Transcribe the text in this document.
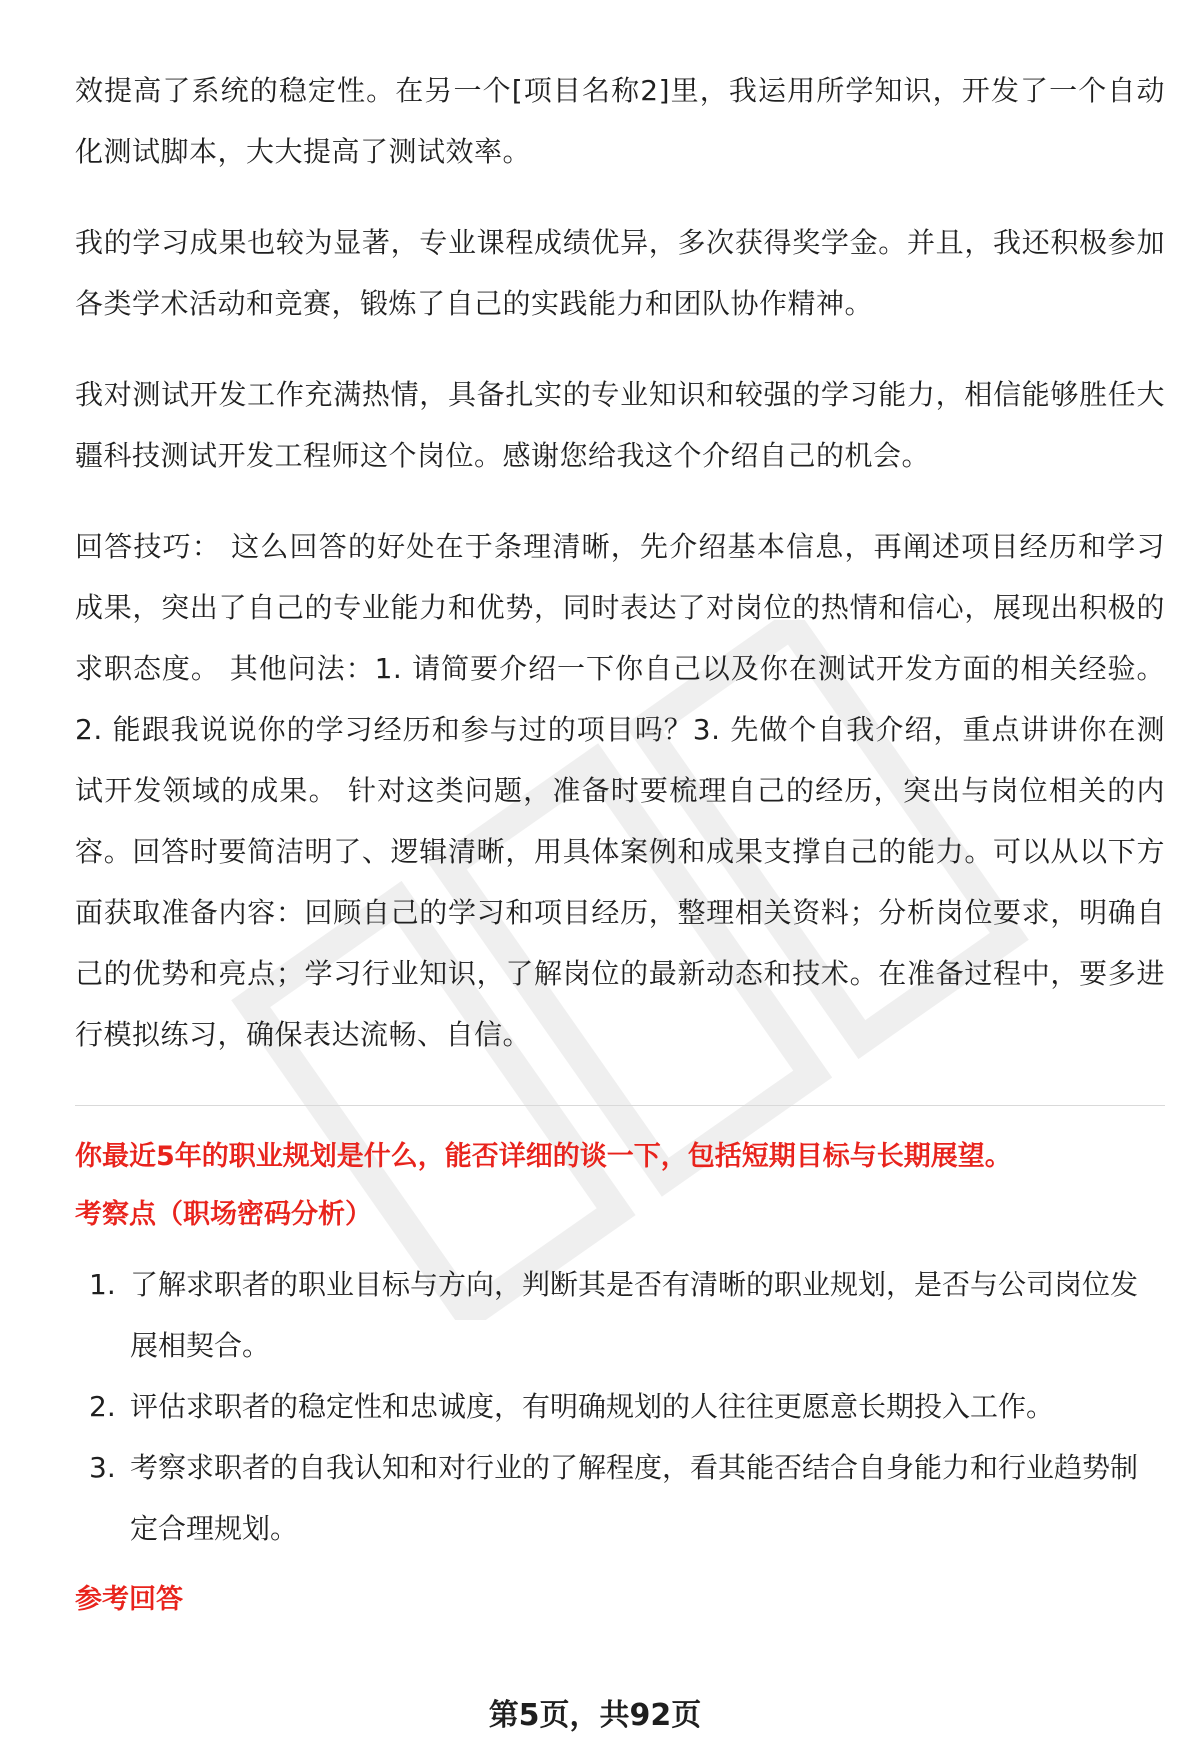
效提高了系统的稳定性。在另一个[项目名称2]里，我运用所学知识，开发了一个自动化测试脚本，大大提高了测试效率。

我的学习成果也较为显著，专业课程成绩优异，多次获得奖学金。并且，我还积极参加各类学术活动和竞赛，锻炼了自己的实践能力和团队协作精神。

我对测试开发工作充满热情，具备扎实的专业知识和较强的学习能力，相信能够胜任大疆科技测试开发工程师这个岗位。感谢您给我这个介绍自己的机会。

回答技巧： 这么回答的好处在于条理清晰，先介绍基本信息，再阐述项目经历和学习成果，突出了自己的专业能力和优势，同时表达了对岗位的热情和信心，展现出积极的求职态度。 其他问法：1. 请简要介绍一下你自己以及你在测试开发方面的相关经验。2. 能跟我说说你的学习经历和参与过的项目吗？3. 先做个自我介绍，重点讲讲你在测试开发领域的成果。 针对这类问题，准备时要梳理自己的经历，突出与岗位相关的内容。回答时要简洁明了、逻辑清晰，用具体案例和成果支撑自己的能力。可以从以下方面获取准备内容：回顾自己的学习和项目经历，整理相关资料；分析岗位要求，明确自己的优势和亮点；学习行业知识，了解岗位的最新动态和技术。在准备过程中，要多进行模拟练习，确保表达流畅、自信。

你最近5年的职业规划是什么，能否详细的谈一下，包括短期目标与长期展望。

考察点（职场密码分析）

1. 了解求职者的职业目标与方向，判断其是否有清晰的职业规划，是否与公司岗位发展相契合。
2. 评估求职者的稳定性和忠诚度，有明确规划的人往往更愿意长期投入工作。
3. 考察求职者的自我认知和对行业的了解程度，看其能否结合自身能力和行业趋势制定合理规划。

参考回答

第5页，共92页
